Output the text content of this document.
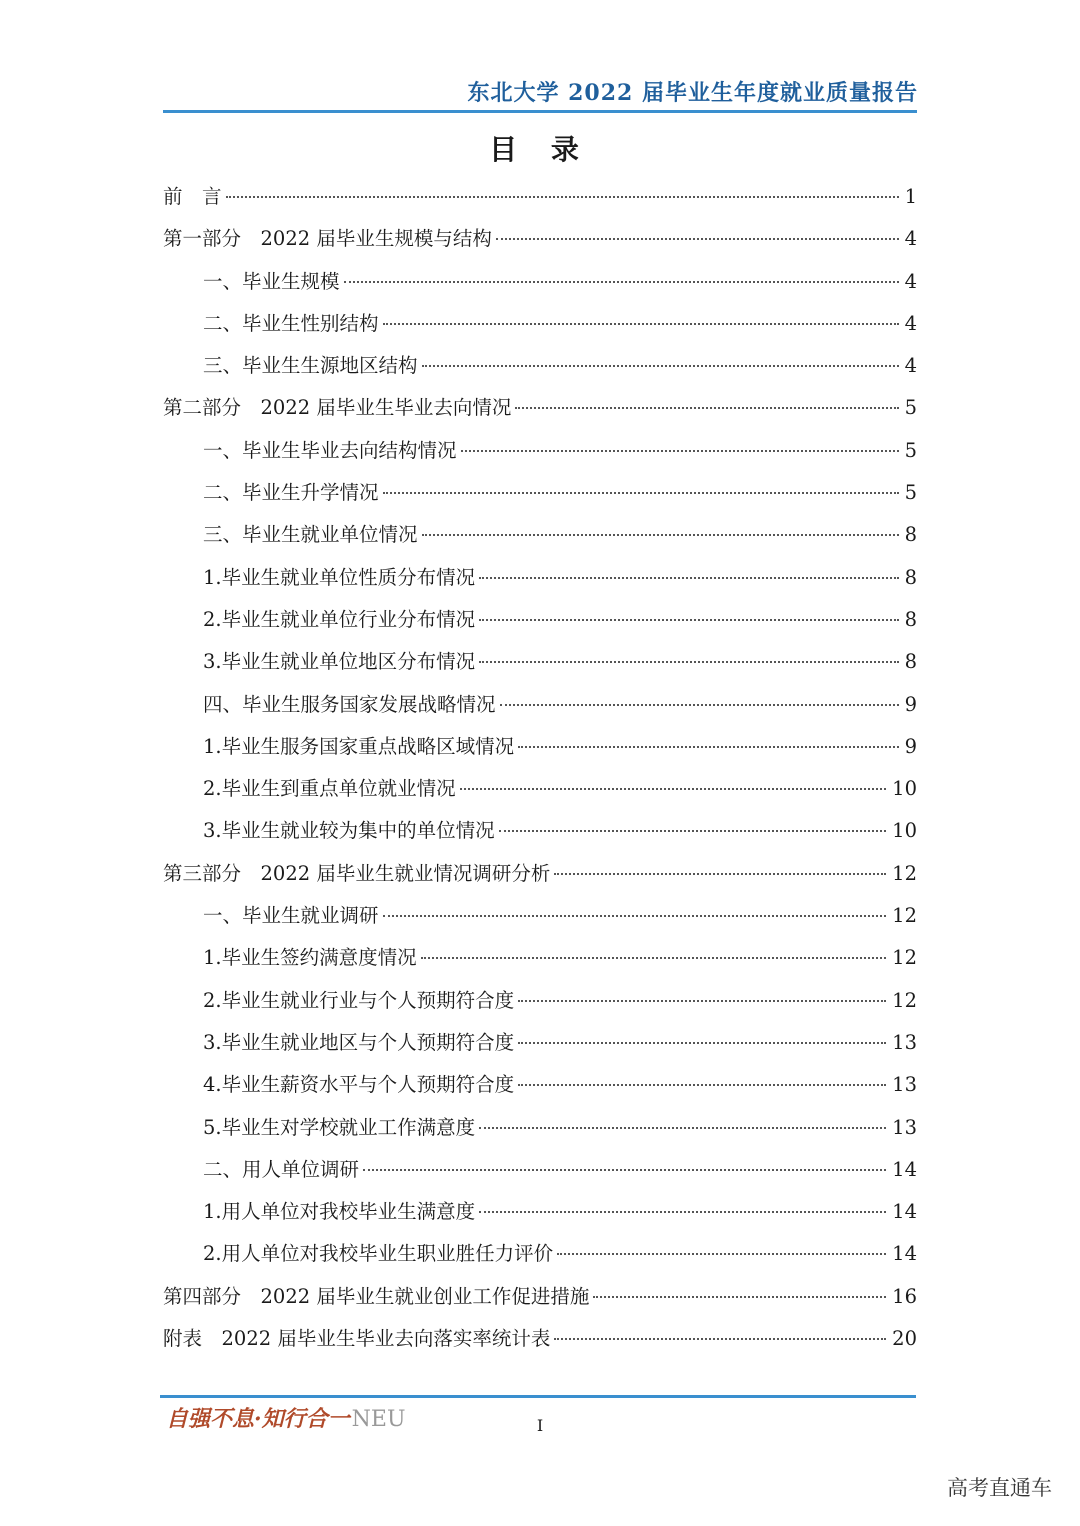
东北大学 2022 届毕业生年度就业质量报告
目 录
前　言	1
第一部分　2022 届毕业生规模与结构	4
一、毕业生规模	4
二、毕业生性别结构	4
三、毕业生生源地区结构	4
第二部分　2022 届毕业生毕业去向情况	5
一、毕业生毕业去向结构情况	5
二、毕业生升学情况	5
三、毕业生就业单位情况	8
1.毕业生就业单位性质分布情况	8
2.毕业生就业单位行业分布情况	8
3.毕业生就业单位地区分布情况	8
四、毕业生服务国家发展战略情况	9
1.毕业生服务国家重点战略区域情况	9
2.毕业生到重点单位就业情况	10
3.毕业生就业较为集中的单位情况	10
第三部分　2022 届毕业生就业情况调研分析	12
一、毕业生就业调研	12
1.毕业生签约满意度情况	12
2.毕业生就业行业与个人预期符合度	12
3.毕业生就业地区与个人预期符合度	13
4.毕业生薪资水平与个人预期符合度	13
5.毕业生对学校就业工作满意度	13
二、用人单位调研	14
1.用人单位对我校毕业生满意度	14
2.用人单位对我校毕业生职业胜任力评价	14
第四部分　2022 届毕业生就业创业工作促进措施	16
附表　2022 届毕业生毕业去向落实率统计表	20
自强不息·知行合一NEU	I
高考直通车
